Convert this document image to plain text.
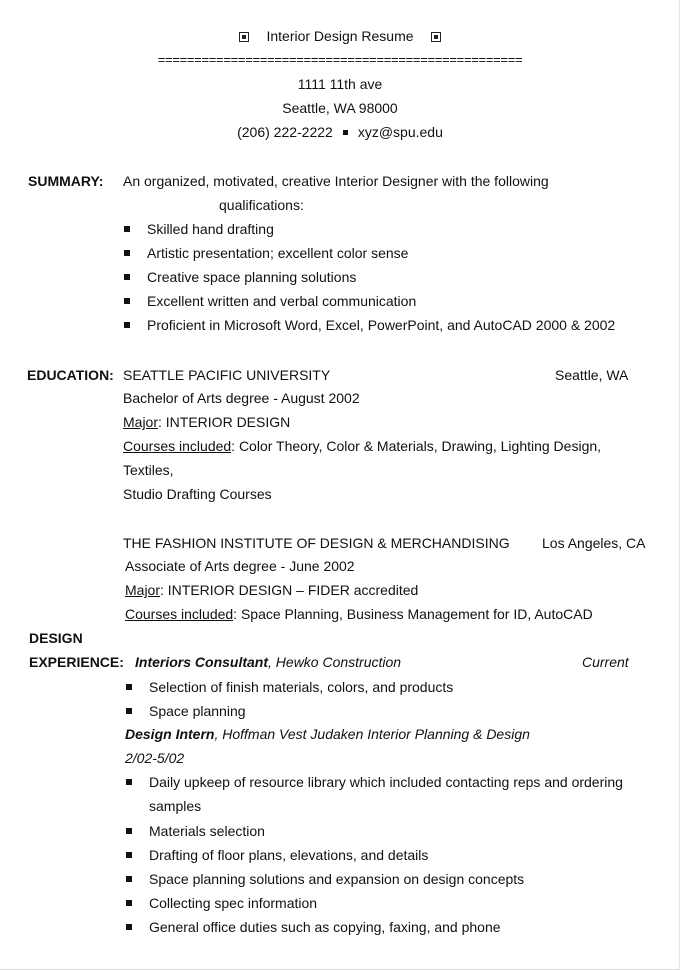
Interior Design Resume
==================================================
1111 11th ave
Seattle, WA 98000
(206) 222-2222 xyz@spu.edu
SUMMARY: An organized, motivated, creative Interior Designer with the following
qualifications:
Skilled hand drafting
Artistic presentation; excellent color sense
Creative space planning solutions
Excellent written and verbal communication
Proficient in Microsoft Word, Excel, PowerPoint, and AutoCAD 2000 & 2002
EDUCATION: SEATTLE PACIFIC UNIVERSITY	Seattle, WA
Bachelor of Arts degree - August 2002
Major: INTERIOR DESIGN
Courses included: Color Theory, Color & Materials, Drawing, Lighting Design,
Textiles,
Studio Drafting Courses
THE FASHION INSTITUTE OF DESIGN & MERCHANDISING Los Angeles, CA
Associate of Arts degree - June 2002
Major: INTERIOR DESIGN – FIDER accredited
Courses included: Space Planning, Business Management for ID, AutoCAD
DESIGN
EXPERIENCE: Interiors Consultant, Hewko Construction	Current
Selection of finish materials, colors, and products
Space planning
Design Intern, Hoffman Vest Judaken Interior Planning & Design
2/02-5/02
Daily upkeep of resource library which included contacting reps and ordering
samples
Materials selection
Drafting of floor plans, elevations, and details
Space planning solutions and expansion on design concepts
Collecting spec information
General office duties such as copying, faxing, and phone
